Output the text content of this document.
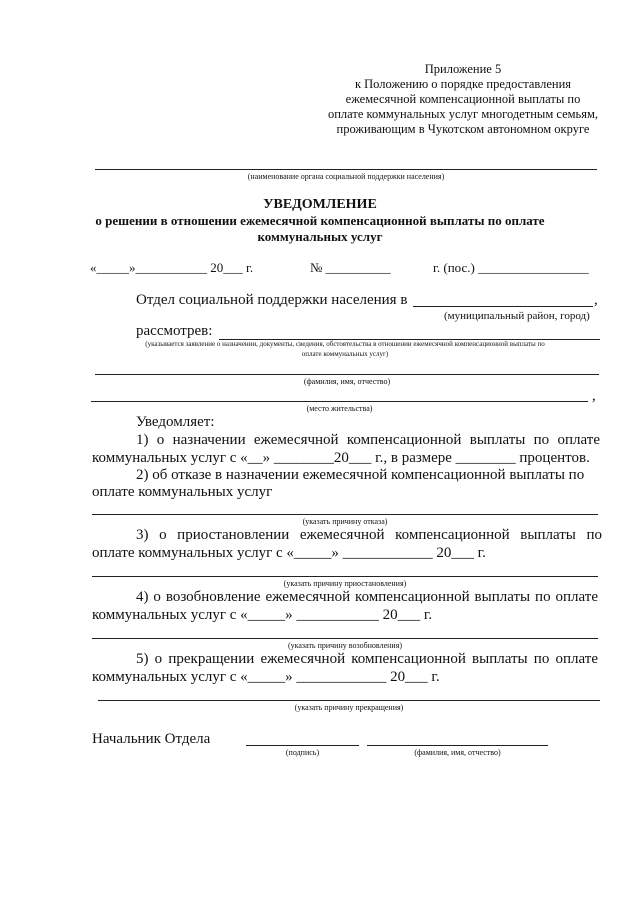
Приложение 5
к Положению о порядке предоставления
ежемесячной компенсационной выплаты по
оплате коммунальных услуг многодетным семьям,
проживающим в Чукотском автономном округе
(наименование органа социальной поддержки населения)
УВЕДОМЛЕНИЕ
о решении в отношении ежемесячной компенсационной выплаты по оплате
коммунальных услуг
«_____»___________ 20___ г.	№ __________	г. (пос.) _________________
Отдел социальной поддержки населения в	,
(муниципальный район, город)
рассмотрев:
(указывается заявление о назначении, документы, сведения, обстоятельства в отношении ежемесячной компенсационной выплаты по
оплате коммунальных услуг)
(фамилия, имя, отчество)
,
(место жительства)
Уведомляет:
1) о назначении ежемесячной компенсационной выплаты по оплате
коммунальных услуг с «__» ________20___ г., в размере ________ процентов.
2) об отказе в назначении ежемесячной компенсационной выплаты по
оплате коммунальных услуг
(указать причину отказа)
3) о приостановлении ежемесячной компенсационной выплаты по
оплате коммунальных услуг с «_____» ____________ 20___ г.
(указать причину приостановления)
4) о возобновление ежемесячной компенсационной выплаты по оплате
коммунальных услуг с «_____» ___________ 20___ г.
(указать причину возобновления)
5) о прекращении ежемесячной компенсационной выплаты по оплате
коммунальных услуг с «_____» ____________ 20___ г.
(указать причину прекращения)
Начальник Отдела
(подпись)	(фамилия, имя, отчество)
